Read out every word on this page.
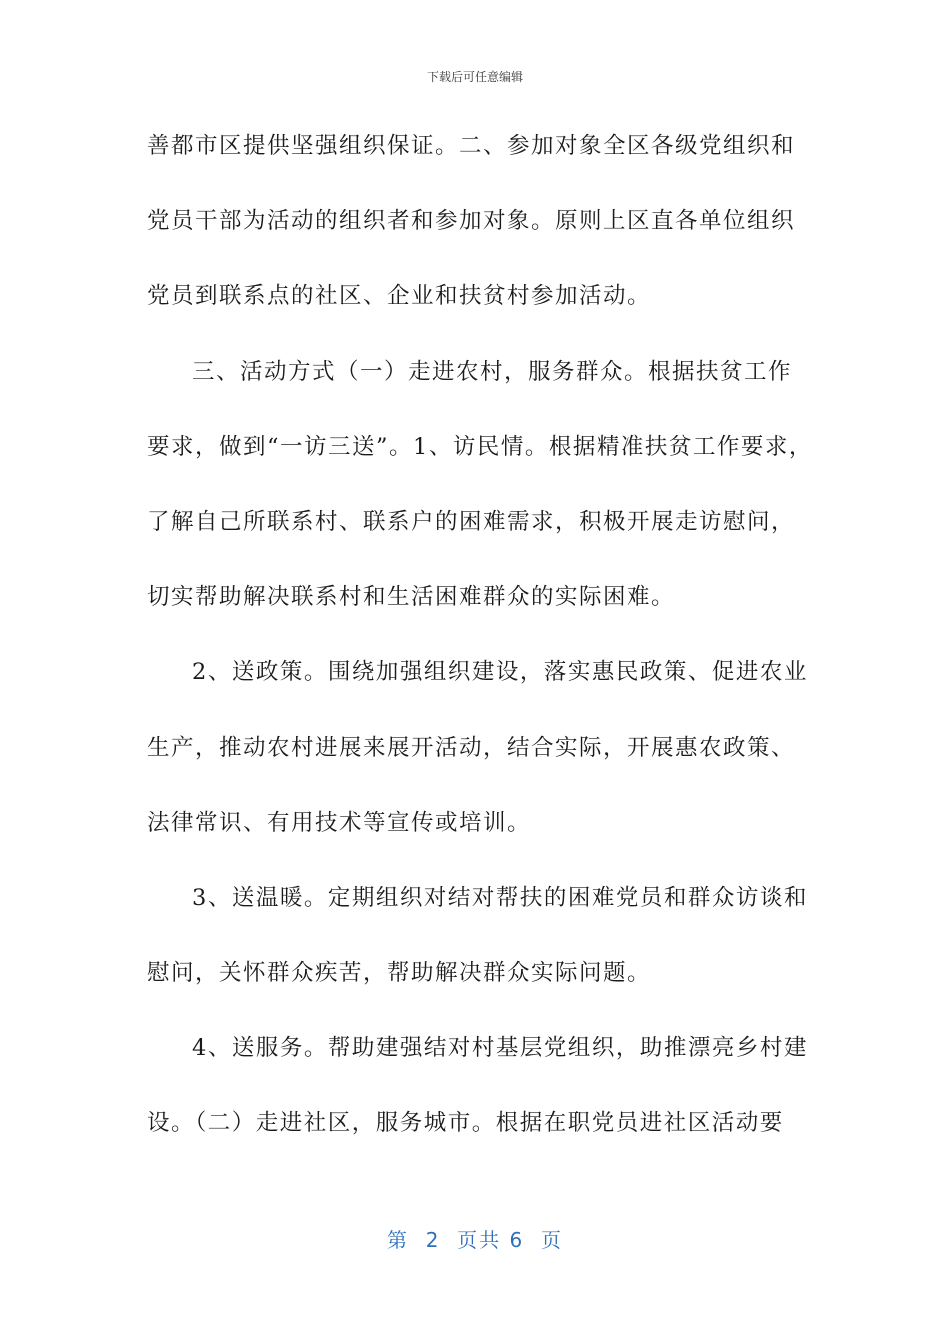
下载后可任意编辑
善都市区提供坚强组织保证。二、参加对象全区各级党组织和
党员干部为活动的组织者和参加对象。原则上区直各单位组织
党员到联系点的社区、企业和扶贫村参加活动。
三、活动方式（一）走进农村，服务群众。根据扶贫工作
要求，做到“一访三送”。1、访民情。根据精准扶贫工作要求，
了解自己所联系村、联系户的困难需求，积极开展走访慰问，
切实帮助解决联系村和生活困难群众的实际困难。
2、送政策。围绕加强组织建设，落实惠民政策、促进农业
生产，推动农村进展来展开活动，结合实际，开展惠农政策、
法律常识、有用技术等宣传或培训。
3、送温暖。定期组织对结对帮扶的困难党员和群众访谈和
慰问，关怀群众疾苦，帮助解决群众实际问题。
4、送服务。帮助建强结对村基层党组织，助推漂亮乡村建
设。（二）走进社区，服务城市。根据在职党员进社区活动要
第  2  页共 6  页
